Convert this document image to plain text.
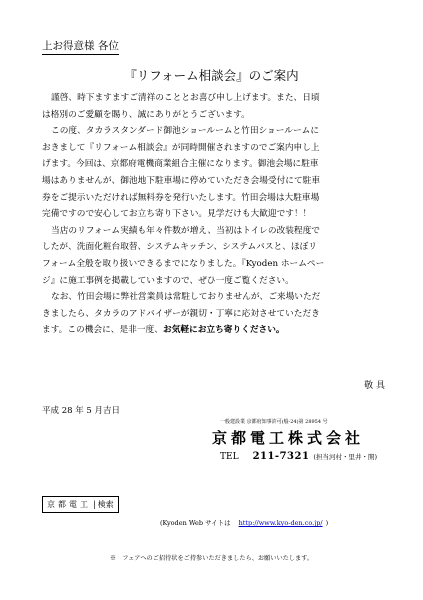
上お得意様 各位
『リフォーム相談会』のご案内

謹啓、時下ますますご清祥のこととお喜び申し上げます。また、日頃

は格別のご愛顧を賜り、誠にありがとうございます。

この度、タカラスタンダード御池ショールームと竹田ショールームに

おきまして『リフォーム相談会』が同時開催されますのでご案内申し上

げます。今回は、京都府電機商業組合主催になります。御池会場に駐車

場はありませんが、御池地下駐車場に停めていただき会場受付にて駐車

券をご提示いただければ無料券を発行いたします。竹田会場は大駐車場

完備ですので安心してお立ち寄り下さい。見学だけも大歓迎です！！

当店のリフォーム実績も年々件数が増え、当初はトイレの改装程度で

したが、洗面化粧台取替、システムキッチン、システムバスと、ほぼリ

フォーム全般を取り扱いできるまでになりました。『Kyoden ホームペー

ジ』に施工事例を掲載していますので、ぜひ一度ご覧ください。

なお、竹田会場に弊社営業員は常駐しておりませんが、ご来場いただ

きましたら、タカラのアドバイザーが親切・丁寧に応対させていただき

ます。この機会に、是非一度、お気軽にお立ち寄りください。

敬 具
平成 28 年 5 月吉日
一般建設業 京都府知事許可(般-24)第 28954 号
京都電工株式会社
TEL 211-7321 (担当河村・里井・開)
京都電工 | 検索
(Kyoden Web サイトは http://www.kyo-den.co.jp/ )
※　フェアへのご招待状をご持参いただきましたら、お願いいたします。
